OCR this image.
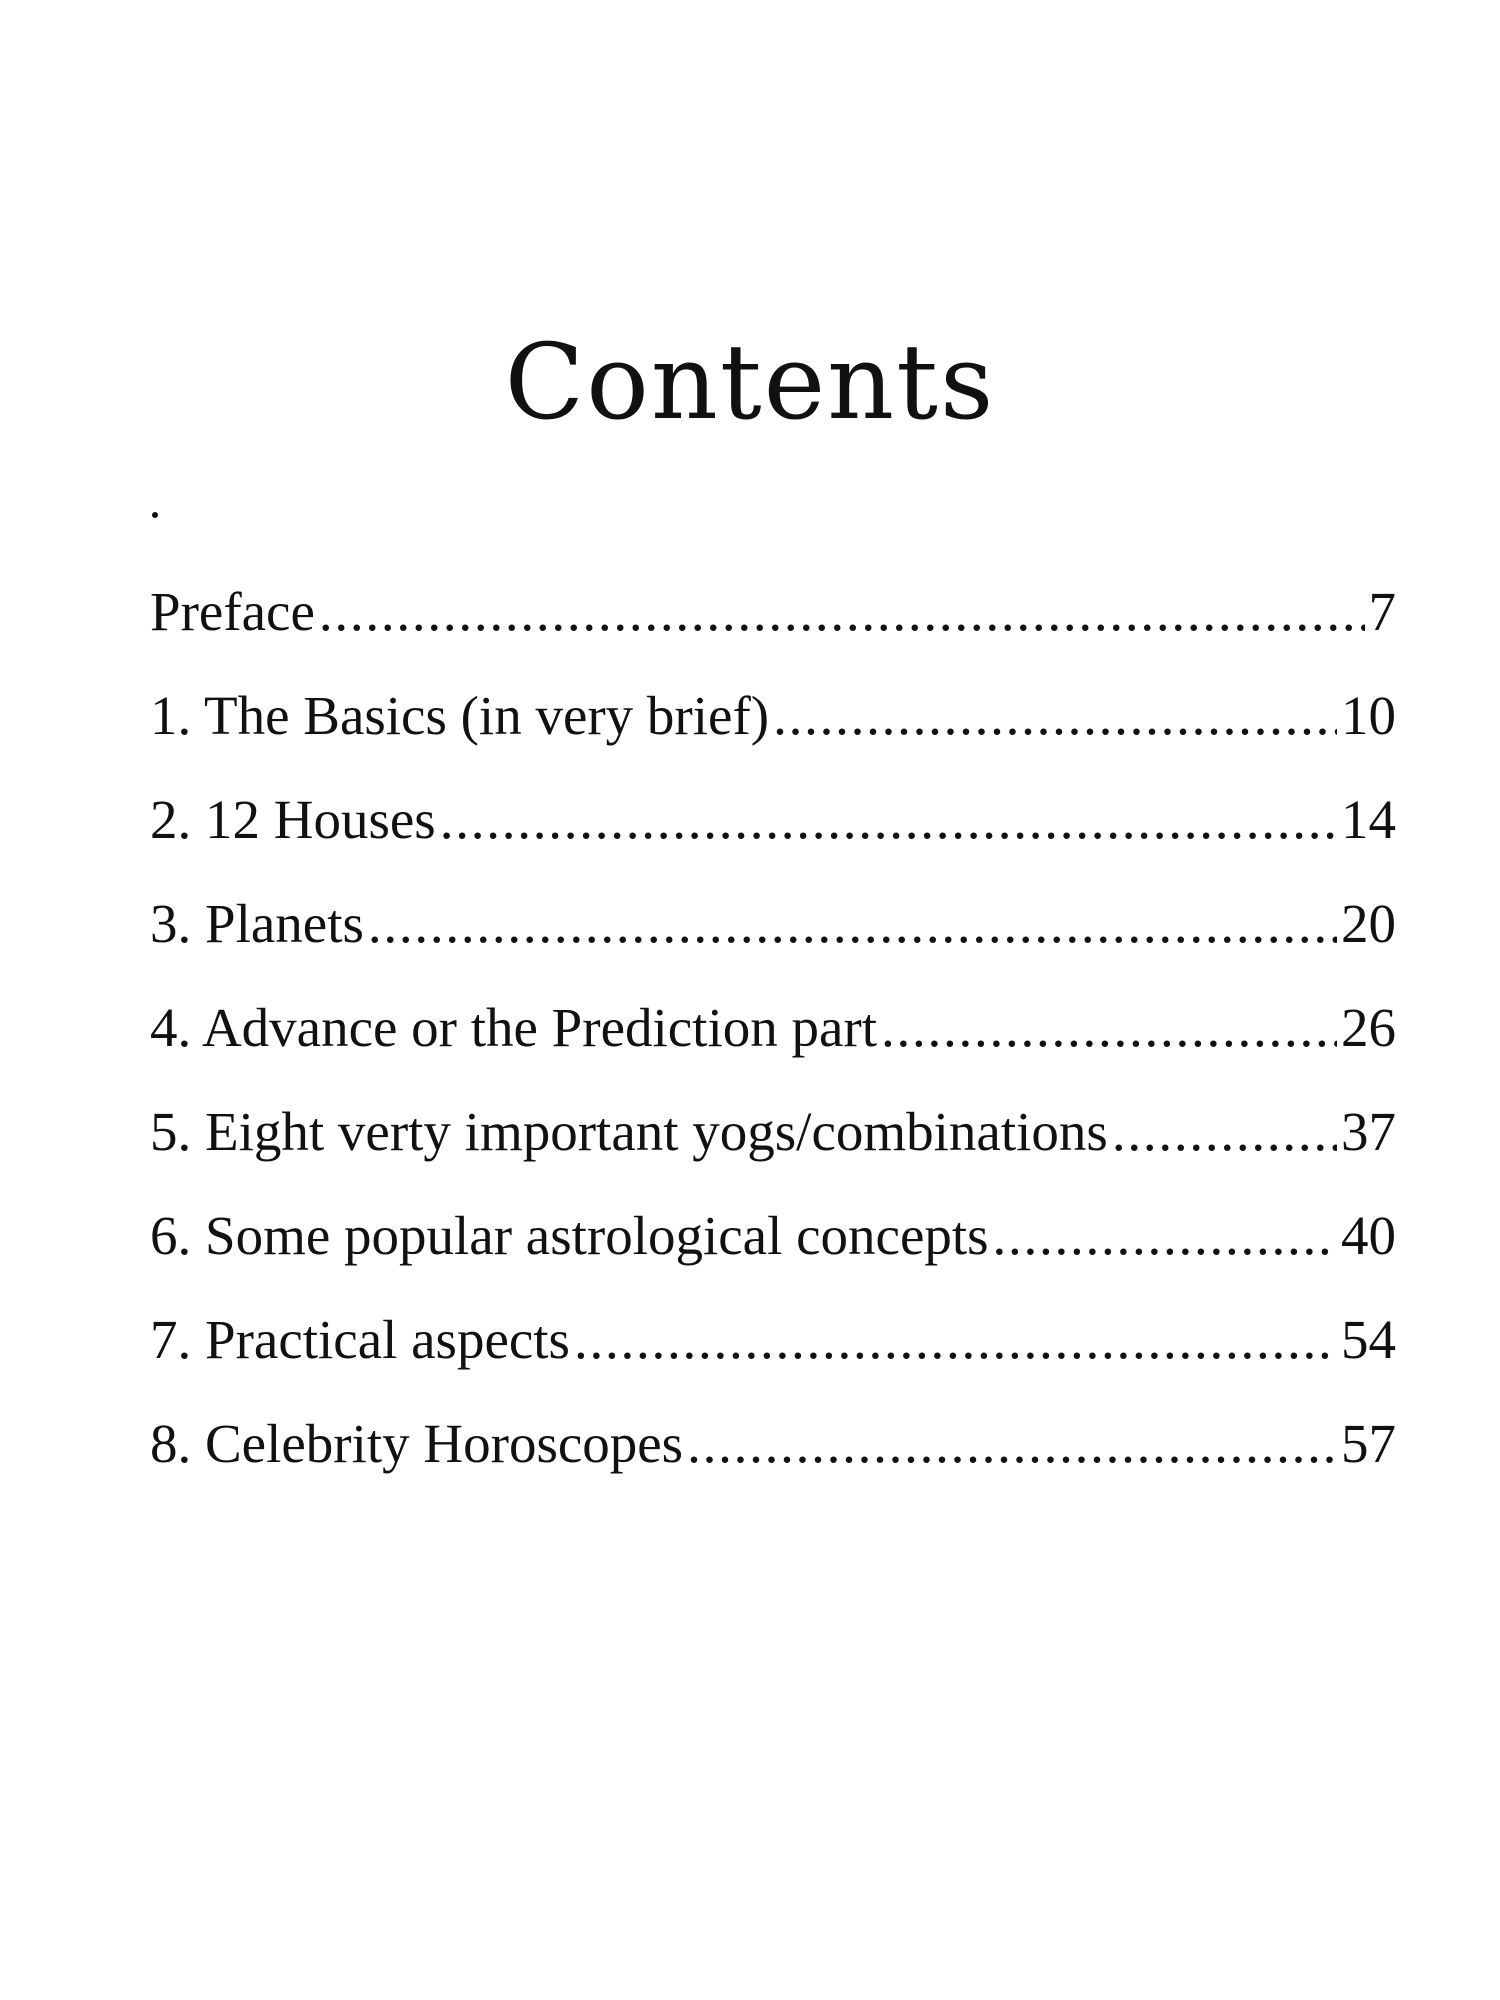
Contents
Preface . . .	7
1. The Basics (in very brief) . . .	10
2. 12 Houses . . .	14
3. Planets . . .	20
4. Advance or the Prediction part . . .	26
5. Eight verty important yogs/combinations . . .	37
6. Some popular astrological concepts . . .	40
7. Practical aspects . . .	54
8. Celebrity Horoscopes . . .	57
